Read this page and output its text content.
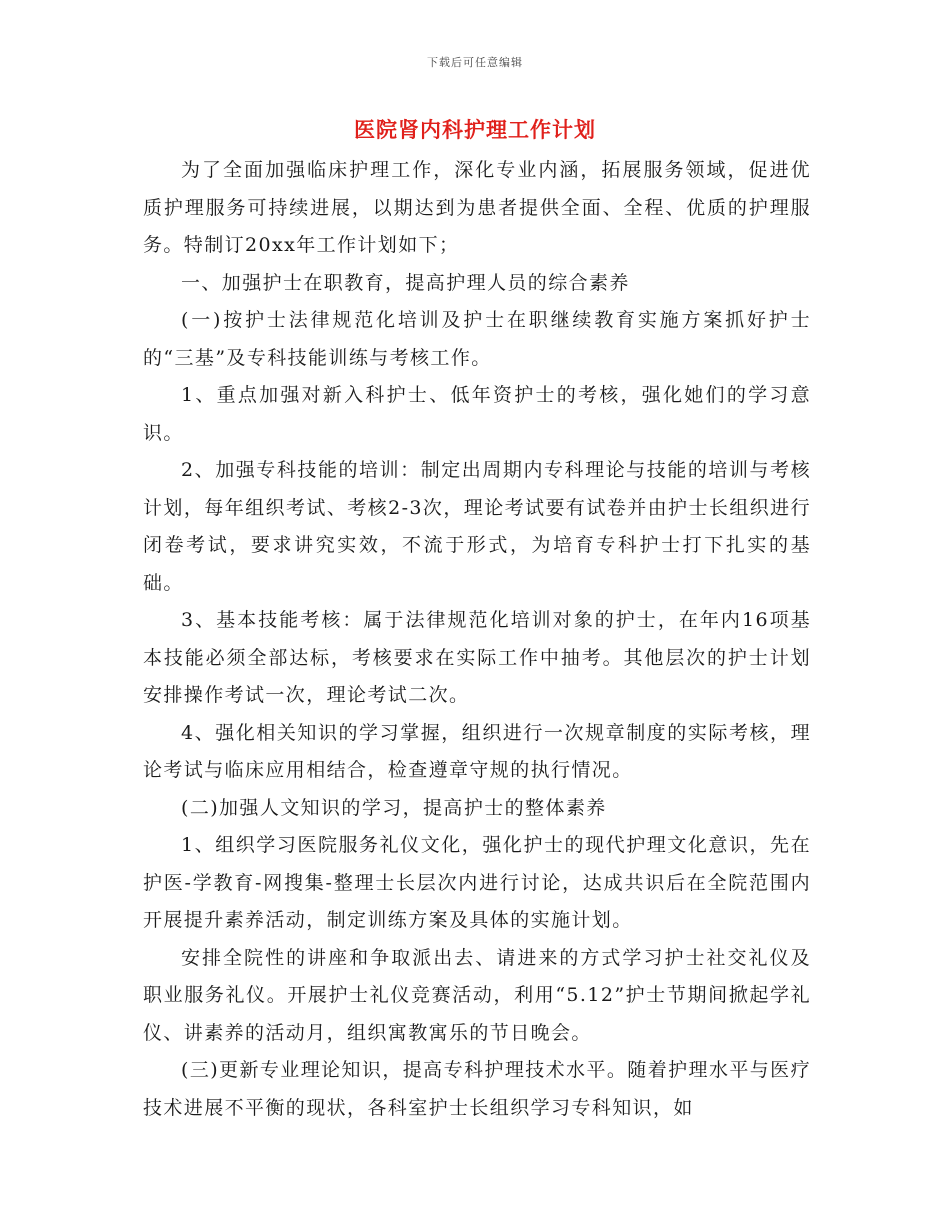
下载后可任意编辑
医院肾内科护理工作计划

为了全面加强临床护理工作，深化专业内涵，拓展服务领域，促进优质护理服务可持续进展，以期达到为患者提供全面、全程、优质的护理服务。特制订20xx年工作计划如下；

一、加强护士在职教育，提高护理人员的综合素养

(一)按护士法律规范化培训及护士在职继续教育实施方案抓好护士的“三基”及专科技能训练与考核工作。

1、重点加强对新入科护士、低年资护士的考核，强化她们的学习意识。

2、加强专科技能的培训：制定出周期内专科理论与技能的培训与考核计划，每年组织考试、考核2-3次，理论考试要有试卷并由护士长组织进行闭卷考试，要求讲究实效，不流于形式，为培育专科护士打下扎实的基础。

3、基本技能考核：属于法律规范化培训对象的护士，在年内16项基本技能必须全部达标，考核要求在实际工作中抽考。其他层次的护士计划安排操作考试一次，理论考试二次。

4、强化相关知识的学习掌握，组织进行一次规章制度的实际考核，理论考试与临床应用相结合，检查遵章守规的执行情况。

(二)加强人文知识的学习，提高护士的整体素养

1、组织学习医院服务礼仪文化，强化护士的现代护理文化意识，先在护医-学教育-网搜集-整理士长层次内进行讨论，达成共识后在全院范围内开展提升素养活动，制定训练方案及具体的实施计划。

安排全院性的讲座和争取派出去、请进来的方式学习护士社交礼仪及职业服务礼仪。开展护士礼仪竞赛活动，利用“5.12”护士节期间掀起学礼仪、讲素养的活动月，组织寓教寓乐的节日晚会。

(三)更新专业理论知识，提高专科护理技术水平。随着护理水平与医疗技术进展不平衡的现状，各科室护士长组织学习专科知识，如
